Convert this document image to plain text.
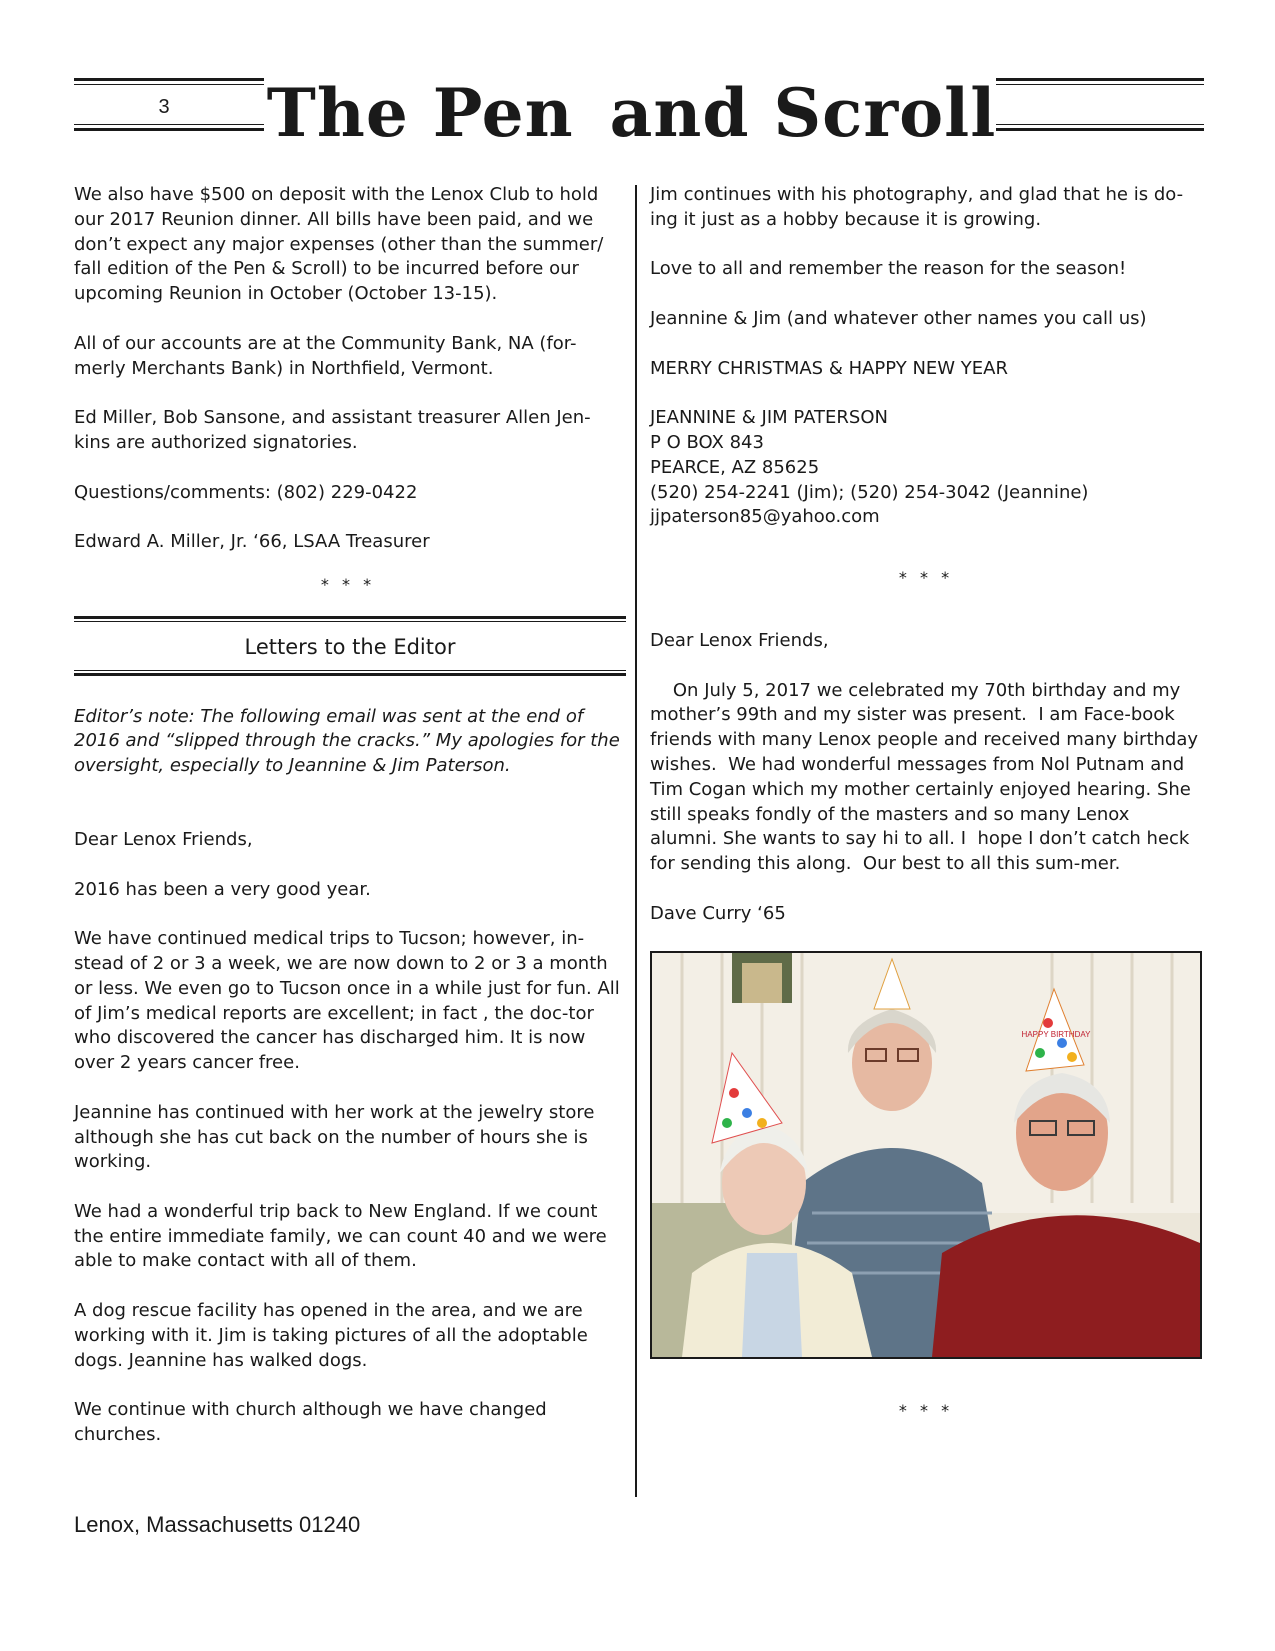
3	The Pen and Scroll

We also have $500 on deposit with the Lenox Club to hold our 2017 Reunion dinner. All bills have been paid, and we don’t expect any major expenses (other than the summer/ fall edition of the Pen & Scroll) to be incurred before our upcoming Reunion in October (October 13-15).

All of our accounts are at the Community Bank, NA (for-merly Merchants Bank) in Northfield, Vermont.

Ed Miller, Bob Sansone, and assistant treasurer Allen Jen-kins are authorized signatories.

Questions/comments: (802) 229-0422

Edward A. Miller, Jr. ‘66, LSAA Treasurer

* * *

Letters to the Editor

Editor’s note: The following email was sent at the end of 2016 and “slipped through the cracks.” My apologies for the oversight, especially to Jeannine & Jim Paterson.

Dear Lenox Friends,

2016 has been a very good year.

We have continued medical trips to Tucson; however, in-stead of 2 or 3 a week, we are now down to 2 or 3 a month or less. We even go to Tucson once in a while just for fun. All of Jim’s medical reports are excellent; in fact , the doc-tor who discovered the cancer has discharged him. It is now over 2 years cancer free.

Jeannine has continued with her work at the jewelry store although she has cut back on the number of hours she is working.

We had a wonderful trip back to New England. If we count the entire immediate family, we can count 40 and we were able to make contact with all of them.

A dog rescue facility has opened in the area, and we are working with it. Jim is taking pictures of all the adoptable dogs. Jeannine has walked dogs.

We continue with church although we have changed churches.

Jim continues with his photography, and glad that he is do-ing it just as a hobby because it is growing.

Love to all and remember the reason for the season!

Jeannine & Jim (and whatever other names you call us)

MERRY CHRISTMAS & HAPPY NEW YEAR

JEANNINE & JIM PATERSON
P O BOX 843
PEARCE, AZ 85625
(520) 254-2241 (Jim); (520) 254-3042 (Jeannine)
jjpaterson85@yahoo.com

* * *

Dear Lenox Friends,

On July 5, 2017 we celebrated my 70th birthday and my mother’s 99th and my sister was present.  I am Face-book friends with many Lenox people and received many birthday wishes.  We had wonderful messages from Nol Putnam and Tim Cogan which my mother certainly enjoyed hearing. She still speaks fondly of the masters and so many Lenox alumni. She wants to say hi to all. I  hope I don’t catch heck for sending this along.  Our best to all this sum-mer.

Dave Curry ‘65

HAPPY BIRTHDAY

* * *

Lenox, Massachusetts 01240
